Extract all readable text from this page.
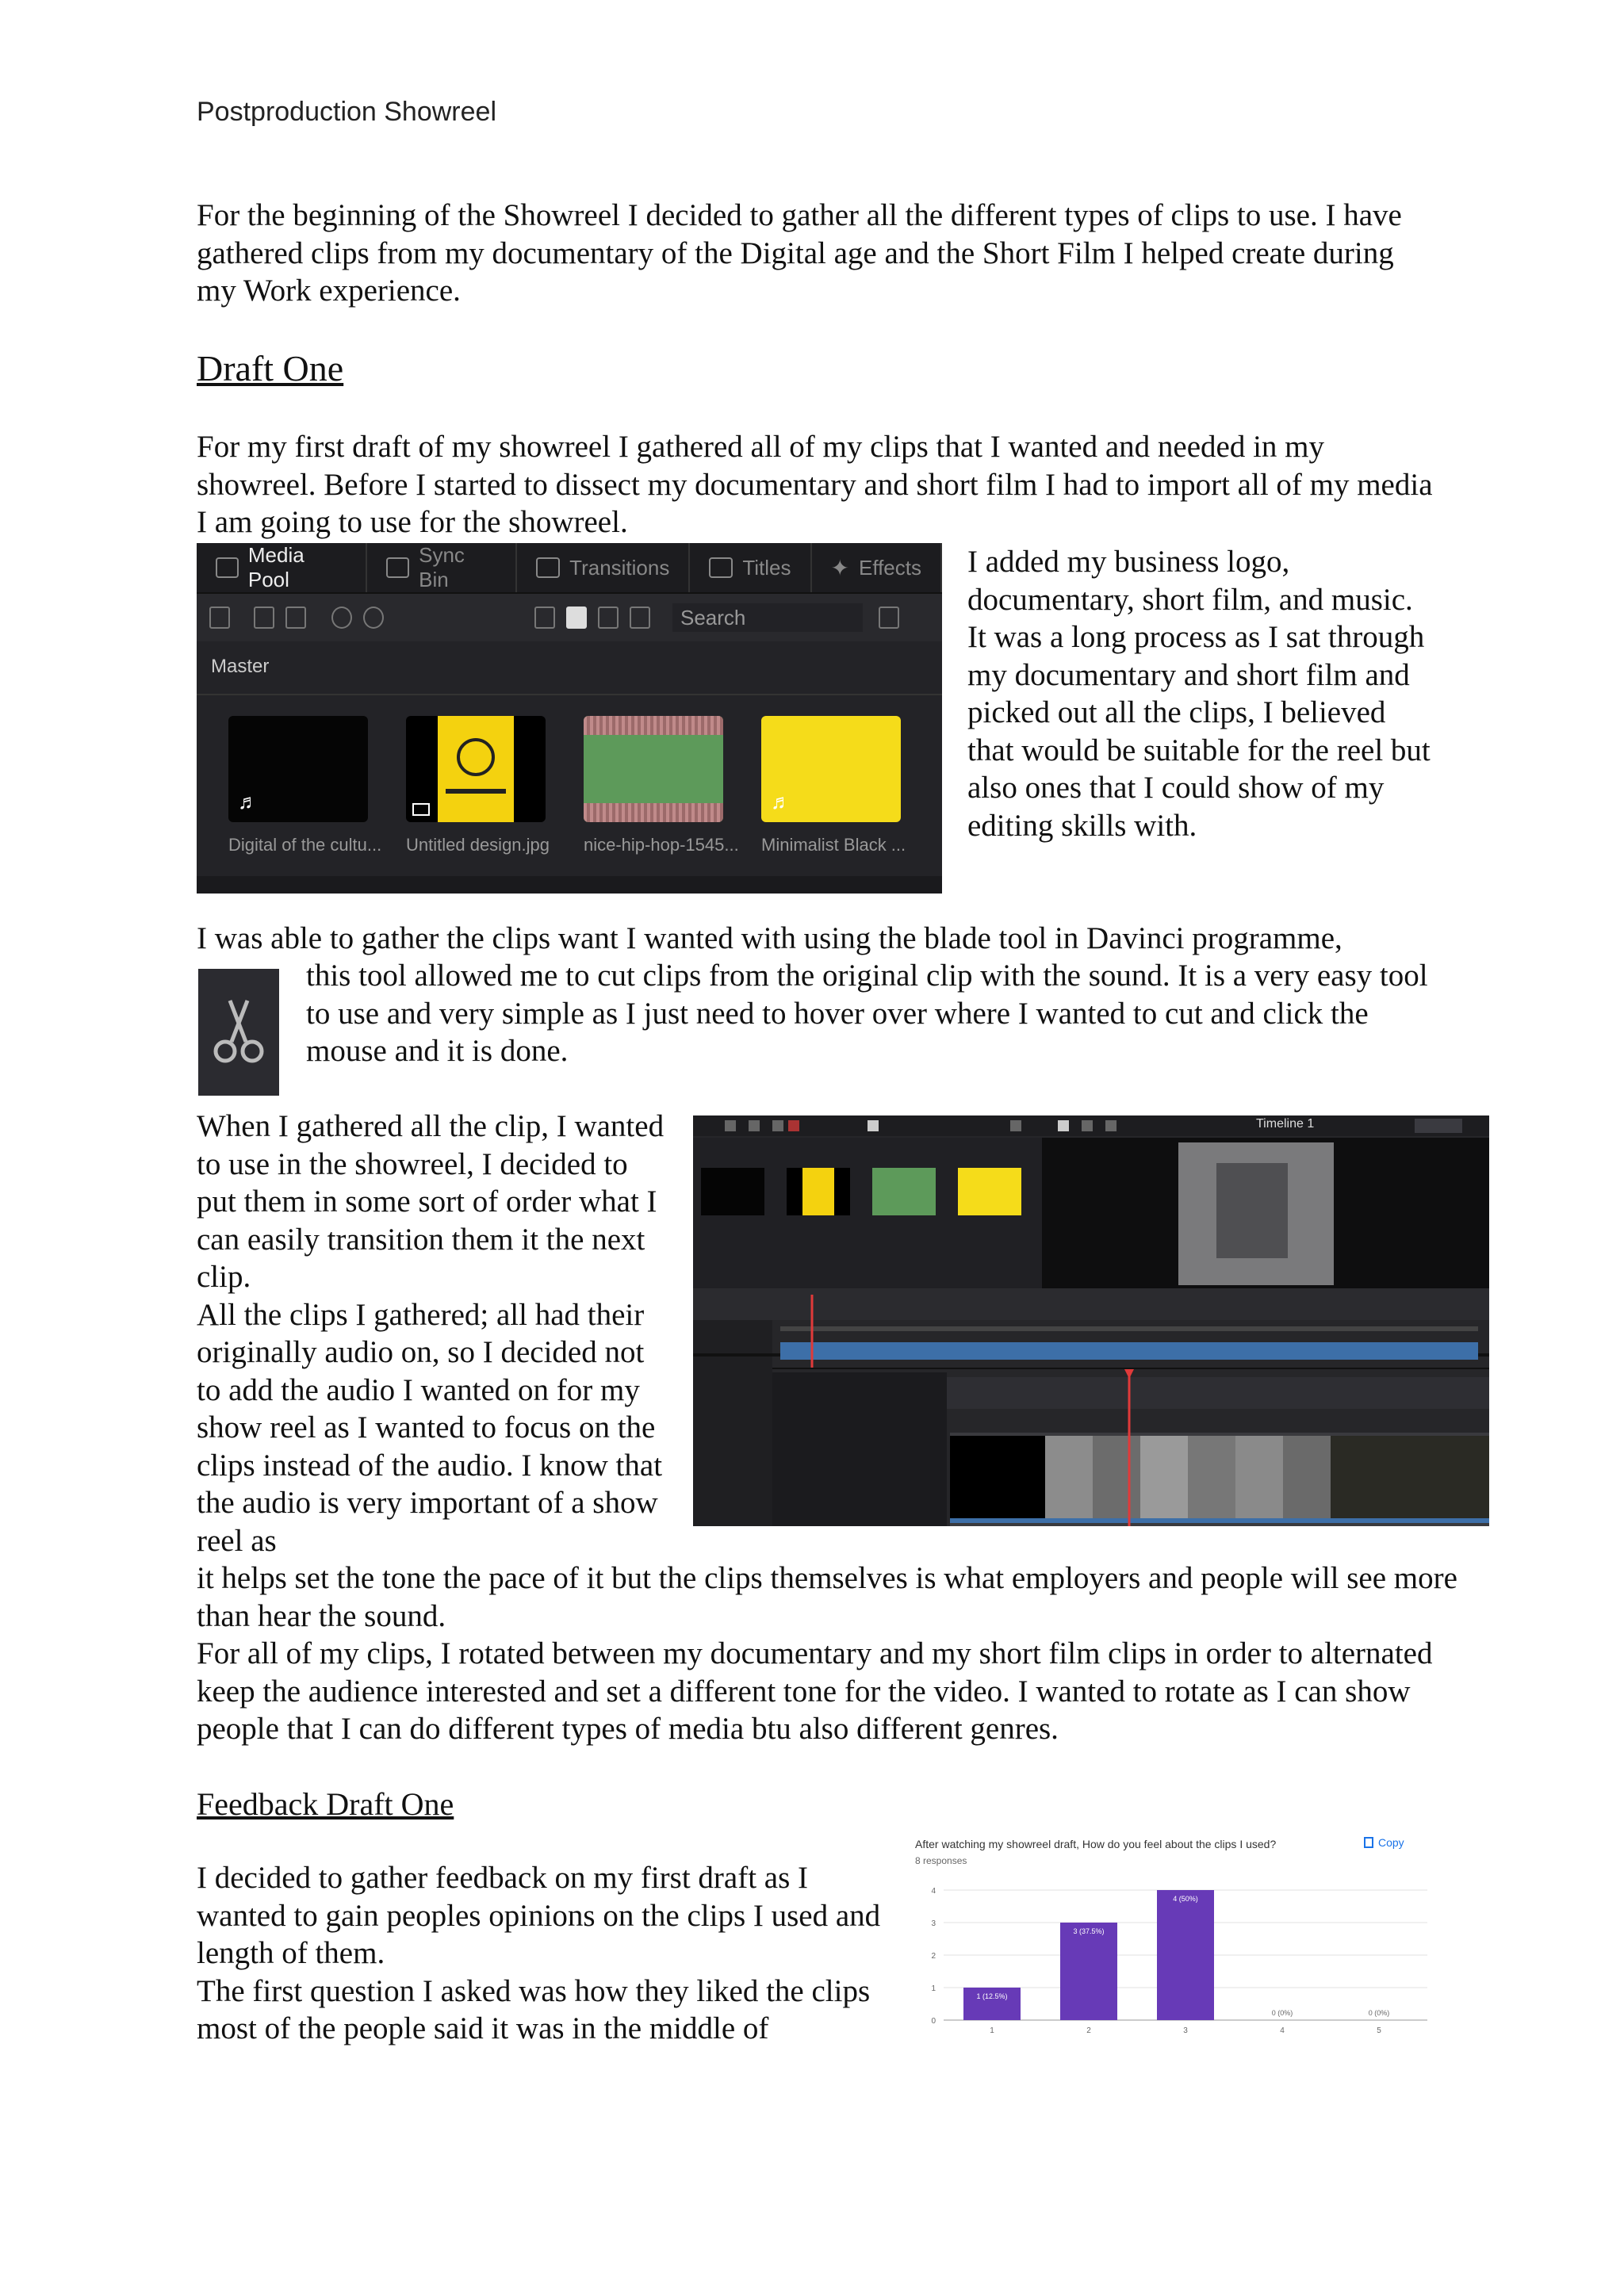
Postproduction Showreel

For the beginning of the Showreel I decided to gather all the different types of clips to use. I have gathered clips from my documentary of the Digital age and the Short Film I helped create during my Work experience.

Draft One

For my first draft of my showreel I gathered all of my clips that I wanted and needed in my showreel. Before I started to dissect my documentary and short film I had to import all of my media I am going to use for the showreel.

Media Pool
Sync Bin
Transitions	Titles ✦ Effects
Search
Master
♬	♬
Digital of the cultu...	Untitled design.jpg	nice-hip-hop-1545... Minimalist Black ...

I added my business logo, documentary, short film, and music.
It was a long process as I sat through my documentary and short film and picked out all the clips, I believed that would be suitable for the reel but also ones that I could show of my editing skills with.

I was able to gather the clips want I wanted with using the blade tool in Davinci programme,

this tool allowed me to cut clips from the original clip with the sound. It is a very easy tool to use and very simple as I just need to hover over where I wanted to cut and click the mouse and it is done.

When I gathered all the clip, I wanted to use in the showreel, I decided to put them in some sort of order what I can easily transition them it the next clip.
All the clips I gathered; all had their originally audio on, so I decided not to add the audio I wanted on for my show reel as I wanted to focus on the clips instead of the audio. I know that the audio is very important of a show reel as

Timeline 1

it helps set the tone the pace of it but the clips themselves is what employers and people will see more than hear the sound.
For all of my clips, I rotated between my documentary and my short film clips in order to alternated keep the audience interested and set a different tone for the video. I wanted to rotate as I can show people that I can do different types of media btu also different genres.

Feedback Draft One

I decided to gather feedback on my first draft as I wanted to gain peoples opinions on the clips I used and length of them.
The first question I asked was how they liked the clips most of the people said it was in the middle of

After watching my showreel draft, How do you feel about the clips I used?
8 responses
Copy
0
1
2
3
4
1 (12.5%)
1
3 (37.5%)
2
4 (50%)
3
0 (0%)
4
0 (0%)
5
